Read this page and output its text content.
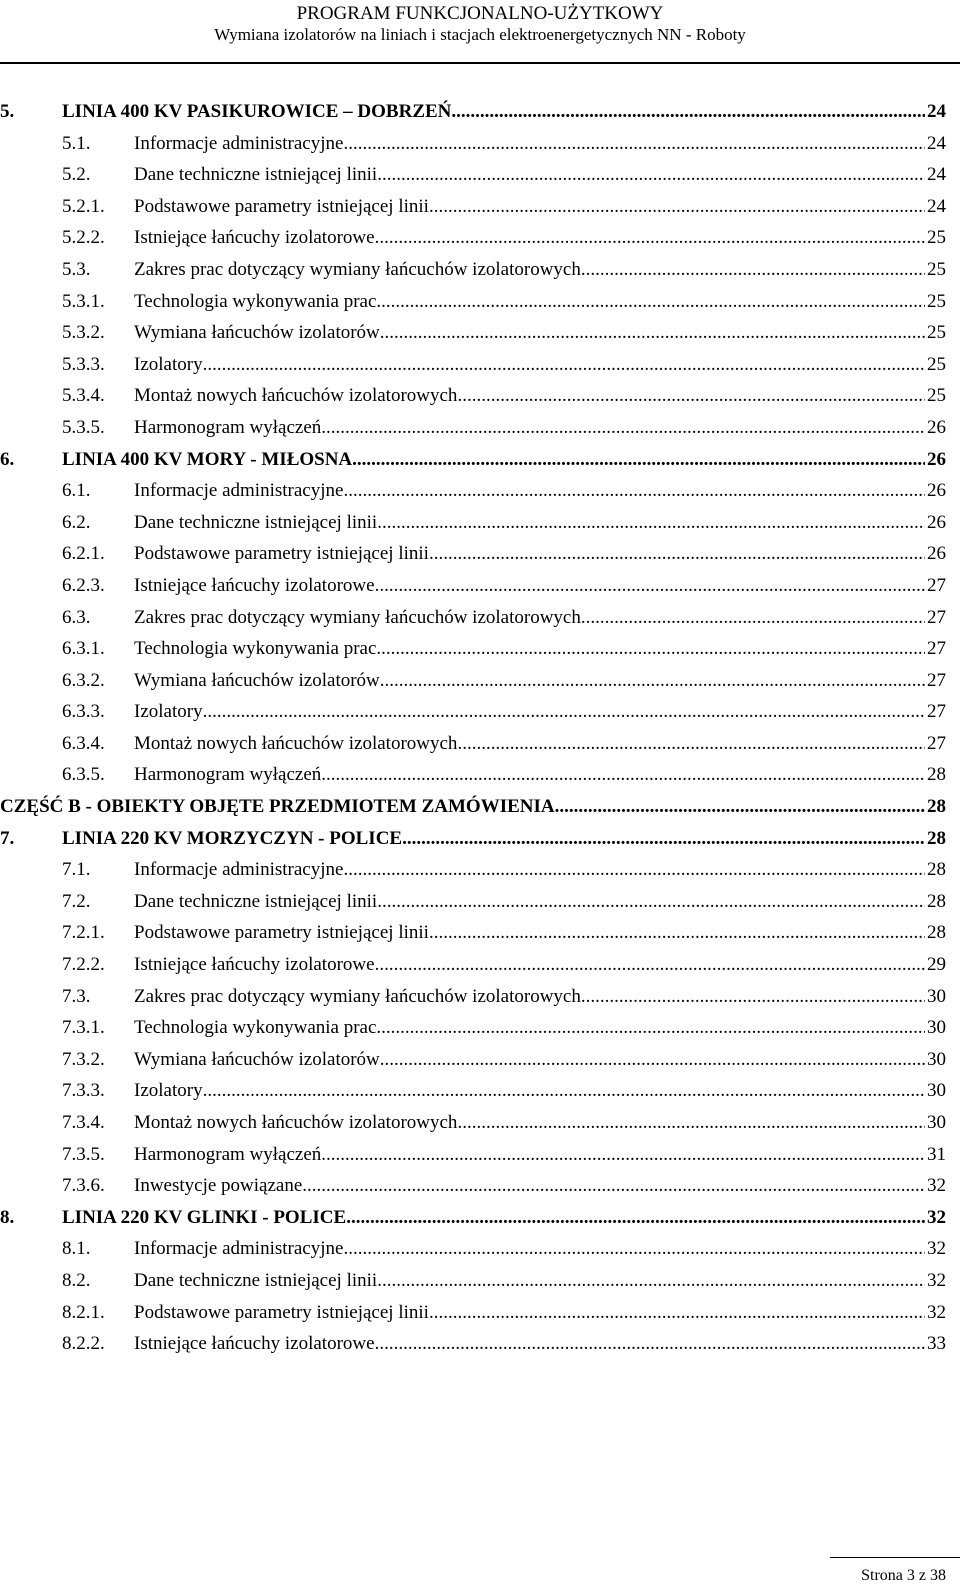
PROGRAM FUNKCJONALNO-UŻYTKOWY
Wymiana izolatorów na liniach i stacjach elektroenergetycznych NN - Roboty
5.	LINIA 400 KV PASIKUROWICE – DOBRZEŃ .....	24
5.1. Informacje administracyjne .....	24
5.2. Dane techniczne istniejącej linii .....	24
5.2.1. Podstawowe parametry istniejącej linii .....	24
5.2.2. Istniejące łańcuchy izolatorowe .....	25
5.3. Zakres prac dotyczący wymiany łańcuchów izolatorowych .....	25
5.3.1. Technologia wykonywania prac .....	25
5.3.2. Wymiana łańcuchów izolatorów .....	25
5.3.3. Izolatory .....	25
5.3.4. Montaż nowych łańcuchów izolatorowych .....	25
5.3.5. Harmonogram wyłączeń .....	26
6.	LINIA 400 KV MORY - MIŁOSNA .....	26
6.1. Informacje administracyjne .....	26
6.2. Dane techniczne istniejącej linii .....	26
6.2.1. Podstawowe parametry istniejącej linii .....	26
6.2.3. Istniejące łańcuchy izolatorowe .....	27
6.3. Zakres prac dotyczący wymiany łańcuchów izolatorowych .....	27
6.3.1. Technologia wykonywania prac .....	27
6.3.2. Wymiana łańcuchów izolatorów .....	27
6.3.3. Izolatory .....	27
6.3.4. Montaż nowych łańcuchów izolatorowych .....	27
6.3.5. Harmonogram wyłączeń .....	28
CZĘŚĆ B - OBIEKTY OBJĘTE PRZEDMIOTEM ZAMÓWIENIA .....	28
7.	LINIA 220 KV MORZYCZYN - POLICE .....	28
7.1. Informacje administracyjne .....	28
7.2. Dane techniczne istniejącej linii .....	28
7.2.1. Podstawowe parametry istniejącej linii .....	28
7.2.2. Istniejące łańcuchy izolatorowe .....	29
7.3. Zakres prac dotyczący wymiany łańcuchów izolatorowych .....	30
7.3.1. Technologia wykonywania prac .....	30
7.3.2. Wymiana łańcuchów izolatorów .....	30
7.3.3. Izolatory .....	30
7.3.4. Montaż nowych łańcuchów izolatorowych .....	30
7.3.5. Harmonogram wyłączeń .....	31
7.3.6. Inwestycje powiązane .....	32
8.	LINIA 220 KV GLINKI - POLICE .....	32
8.1. Informacje administracyjne .....	32
8.2. Dane techniczne istniejącej linii .....	32
8.2.1. Podstawowe parametry istniejącej linii .....	32
8.2.2. Istniejące łańcuchy izolatorowe .....	33
Strona 3 z 38
